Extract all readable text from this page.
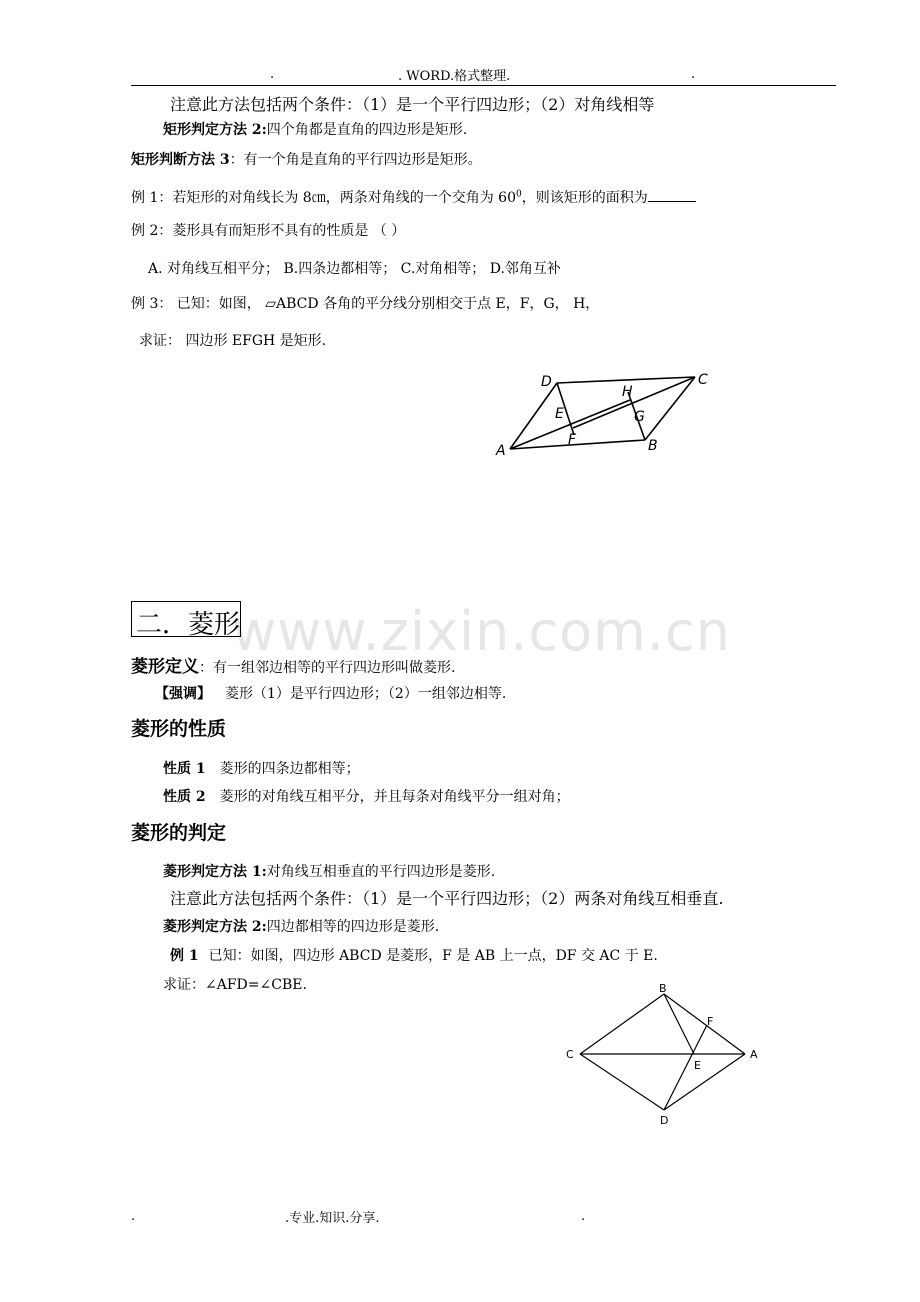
.	. WORD.格式整理.	.
注意此方法包括两个条件：（1）是一个平行四边形；（2）对角线相等
矩形判定方法 2:四个角都是直角的四边形是矩形.
矩形判断方法 3：有一个角是直角的平行四边形是矩形。
例 1：若矩形的对角线长为 8㎝，两条对角线的一个交角为 $60^0$，则该矩形的面积为
例 2：菱形具有而矩形不具有的性质是 （ ）
A. 对角线互相平分； B.四条边都相等； C.对角相等； D.邻角互补
例 3： 已知：如图， ▱ABCD 各角的平分线分别相交于点 E，F，G， H，
求证： 四边形 EFGH 是矩形.
A	B
C
D
E
F
G
H
www.zixin.com.cn
二．菱形
菱形定义：有一组邻边相等的平行四边形叫做菱形.
【强调】 菱形（1）是平行四边形；（2）一组邻边相等.
菱形的性质
性质 1 菱形的四条边都相等；
性质 2 菱形的对角线互相平分，并且每条对角线平分一组对角；
菱形的判定
菱形判定方法 1:对角线互相垂直的平行四边形是菱形.
注意此方法包括两个条件：（1）是一个平行四边形；（2）两条对角线互相垂直.
菱形判定方法 2:四边都相等的四边形是菱形.
例 1 已知：如图，四边形 ABCD 是菱形，F 是 AB 上一点，DF 交 AC 于 E.
求证：∠AFD=∠CBE.	B
F
C
E
A
D
.	.专业.知识.分享.	.
